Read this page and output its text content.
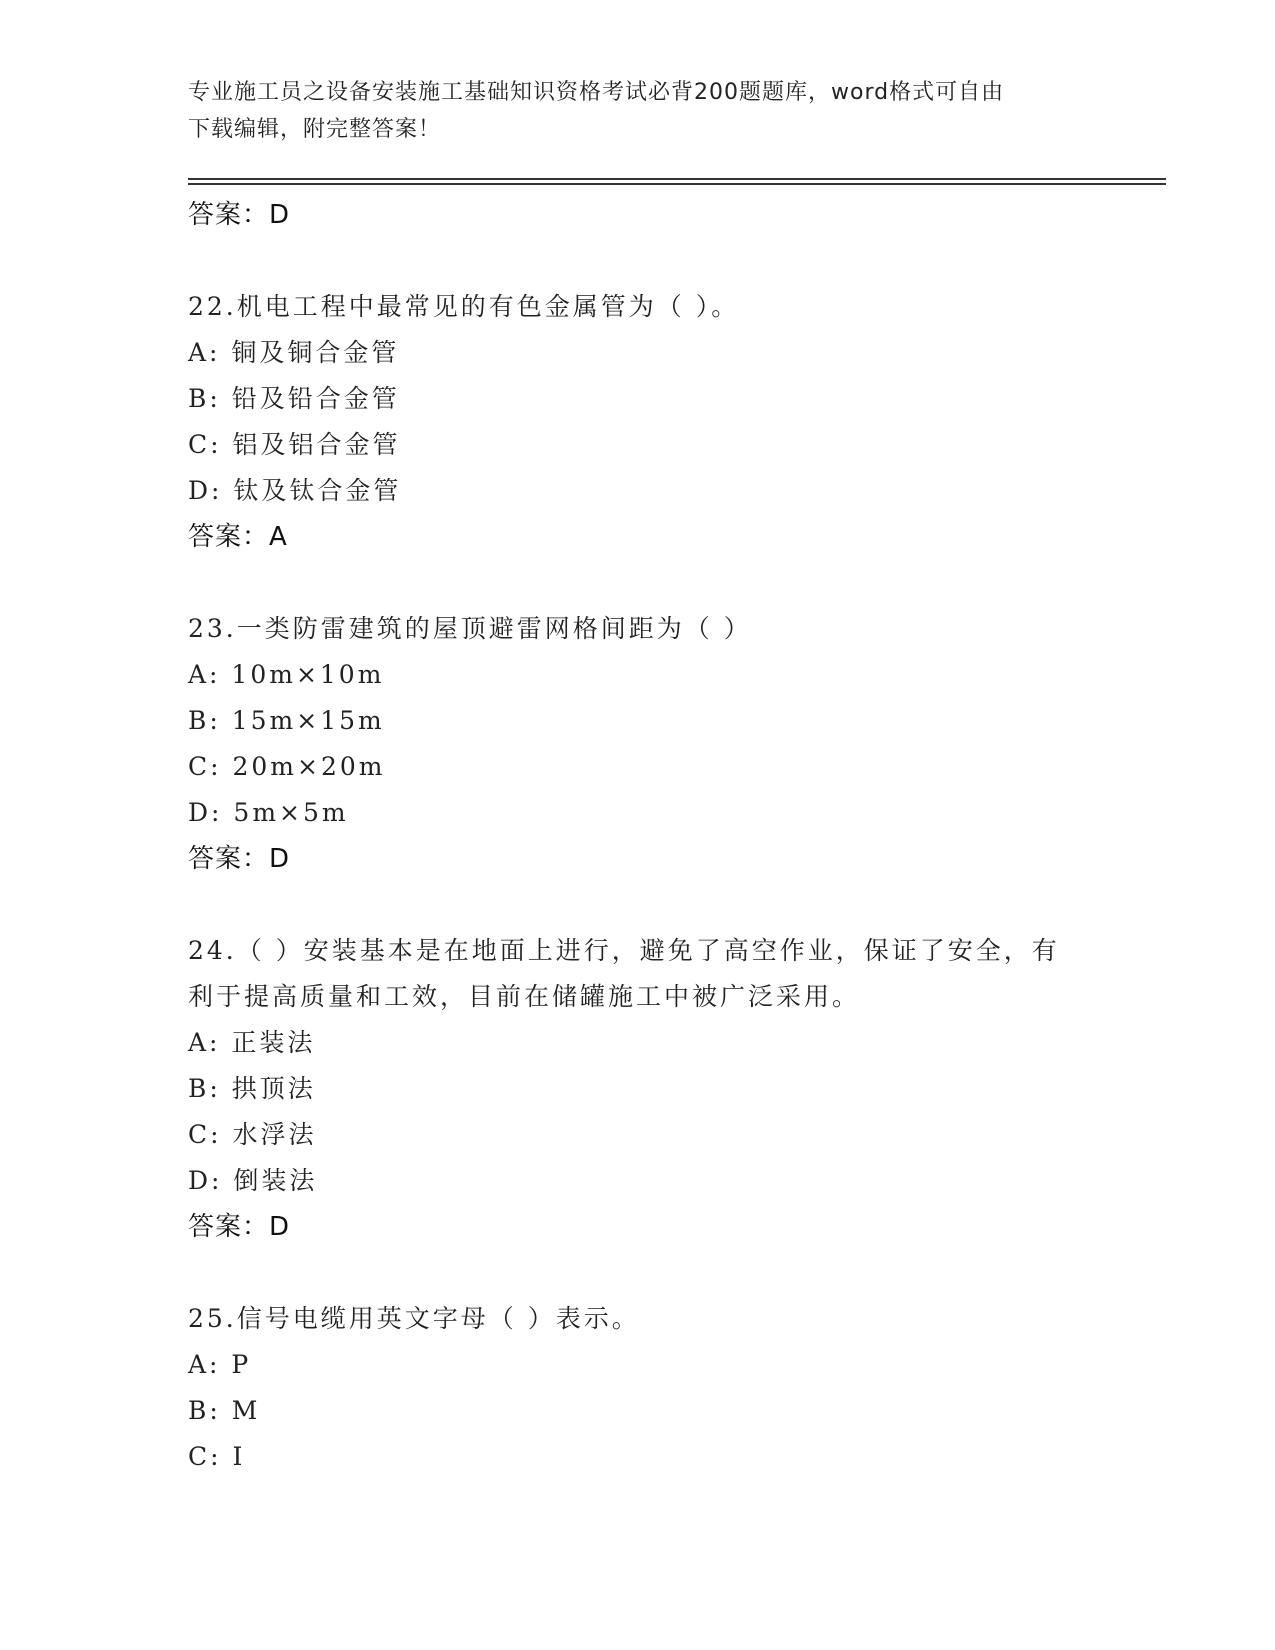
专业施工员之设备安装施工基础知识资格考试必背200题题库，word格式可自由
下载编辑，附完整答案！
答案：D
22.机电工程中最常见的有色金属管为（ ）。
A: 铜及铜合金管
B: 铅及铅合金管
C: 铝及铝合金管
D: 钛及钛合金管
答案：A
23.一类防雷建筑的屋顶避雷网格间距为（ ）
A: 10m×10m
B: 15m×15m
C: 20m×20m
D: 5m×5m
答案：D
24.（ ）安装基本是在地面上进行，避免了高空作业，保证了安全，有利于提高质量和工效，目前在储罐施工中被广泛采用。
A: 正装法
B: 拱顶法
C: 水浮法
D: 倒装法
答案：D
25.信号电缆用英文字母（ ）表示。
A: P
B: M
C: I
